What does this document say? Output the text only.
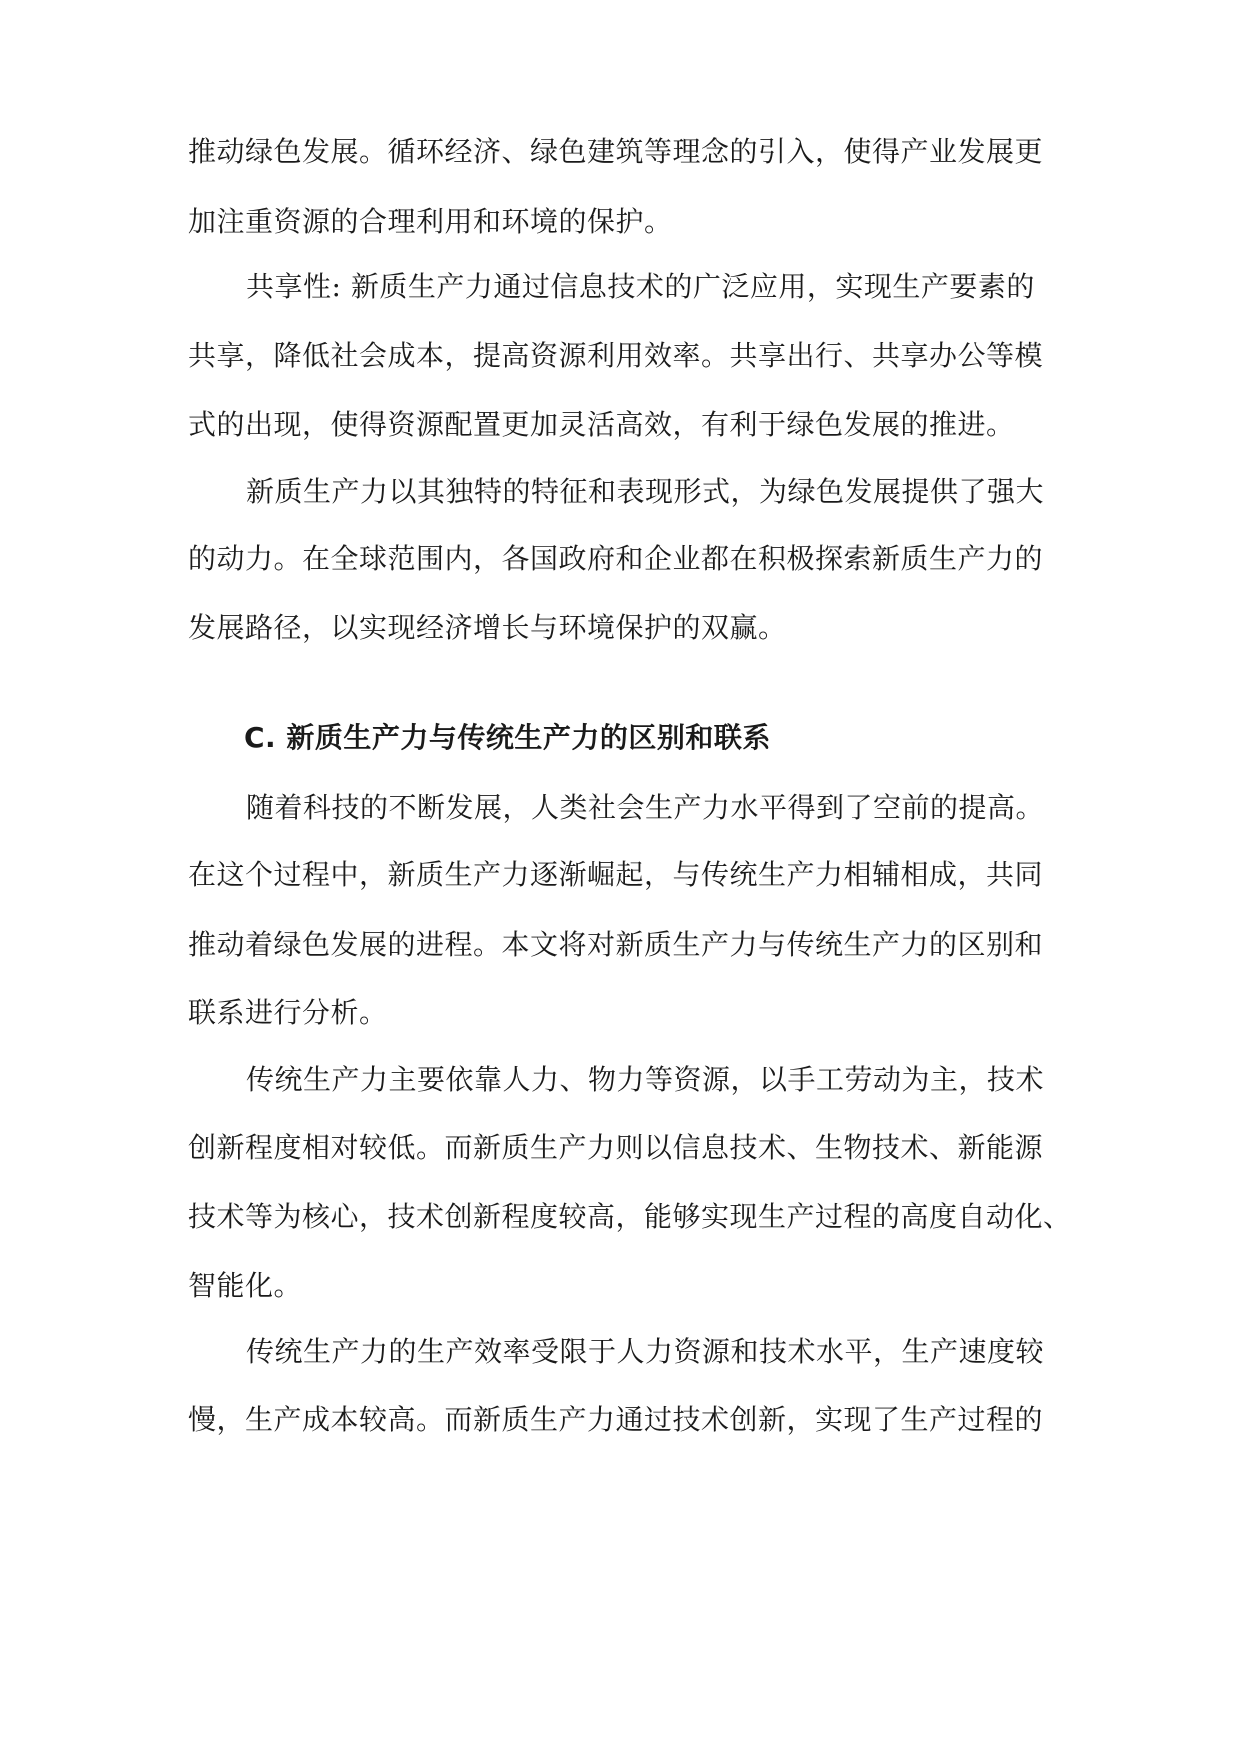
推动绿色发展。循环经济、绿色建筑等理念的引入，使得产业发展更
加注重资源的合理利用和环境的保护。
共享性: 新质生产力通过信息技术的广泛应用，实现生产要素的
共享，降低社会成本，提高资源利用效率。共享出行、共享办公等模
式的出现，使得资源配置更加灵活高效，有利于绿色发展的推进。
新质生产力以其独特的特征和表现形式，为绿色发展提供了强大
的动力。在全球范围内，各国政府和企业都在积极探索新质生产力的
发展路径，以实现经济增长与环境保护的双赢。
C. 新质生产力与传统生产力的区别和联系
随着科技的不断发展，人类社会生产力水平得到了空前的提高。
在这个过程中，新质生产力逐渐崛起，与传统生产力相辅相成，共同
推动着绿色发展的进程。本文将对新质生产力与传统生产力的区别和
联系进行分析。
传统生产力主要依靠人力、物力等资源，以手工劳动为主，技术
创新程度相对较低。而新质生产力则以信息技术、生物技术、新能源
技术等为核心，技术创新程度较高，能够实现生产过程的高度自动化、
智能化。
传统生产力的生产效率受限于人力资源和技术水平，生产速度较
慢，生产成本较高。而新质生产力通过技术创新，实现了生产过程的
